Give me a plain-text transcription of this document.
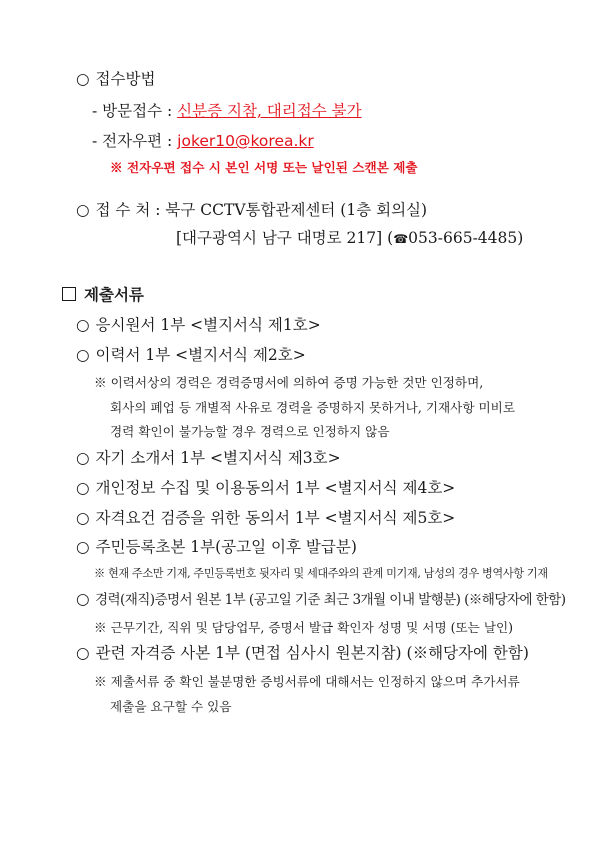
○ 접수방법
- 방문접수 : 신분증 지참, 대리접수 불가
- 전자우편 : joker10@korea.kr
※ 전자우편 접수 시 본인 서명 또는 날인된 스캔본 제출
○ 접 수 처 : 북구 CCTV통합관제센터 (1층 회의실)
[대구광역시 남구 대명로 217] (☎053-665-4485)
제출서류
○ 응시원서 1부 <별지서식 제1호>
○ 이력서 1부 <별지서식 제2호>
※ 이력서상의 경력은 경력증명서에 의하여 증명 가능한 것만 인정하며,
회사의 폐업 등 개별적 사유로 경력을 증명하지 못하거나, 기재사항 미비로
경력 확인이 불가능할 경우 경력으로 인정하지 않음
○ 자기 소개서 1부 <별지서식 제3호>
○ 개인정보 수집 및 이용동의서 1부 <별지서식 제4호>
○ 자격요건 검증을 위한 동의서 1부 <별지서식 제5호>
○ 주민등록초본 1부(공고일 이후 발급분)
※ 현재 주소만 기재, 주민등록번호 뒷자리 및 세대주와의 관계 미기재, 남성의 경우 병역사항 기재
○ 경력(재직)증명서 원본 1부 (공고일 기준 최근 3개월 이내 발행분) (※해당자에 한함)
※ 근무기간, 직위 및 담당업무, 증명서 발급 확인자 성명 및 서명 (또는 날인)
○ 관련 자격증 사본 1부 (면접 심사시 원본지참) (※해당자에 한함)
※ 제출서류 중 확인 불분명한 증빙서류에 대해서는 인정하지 않으며 추가서류
제출을 요구할 수 있음
